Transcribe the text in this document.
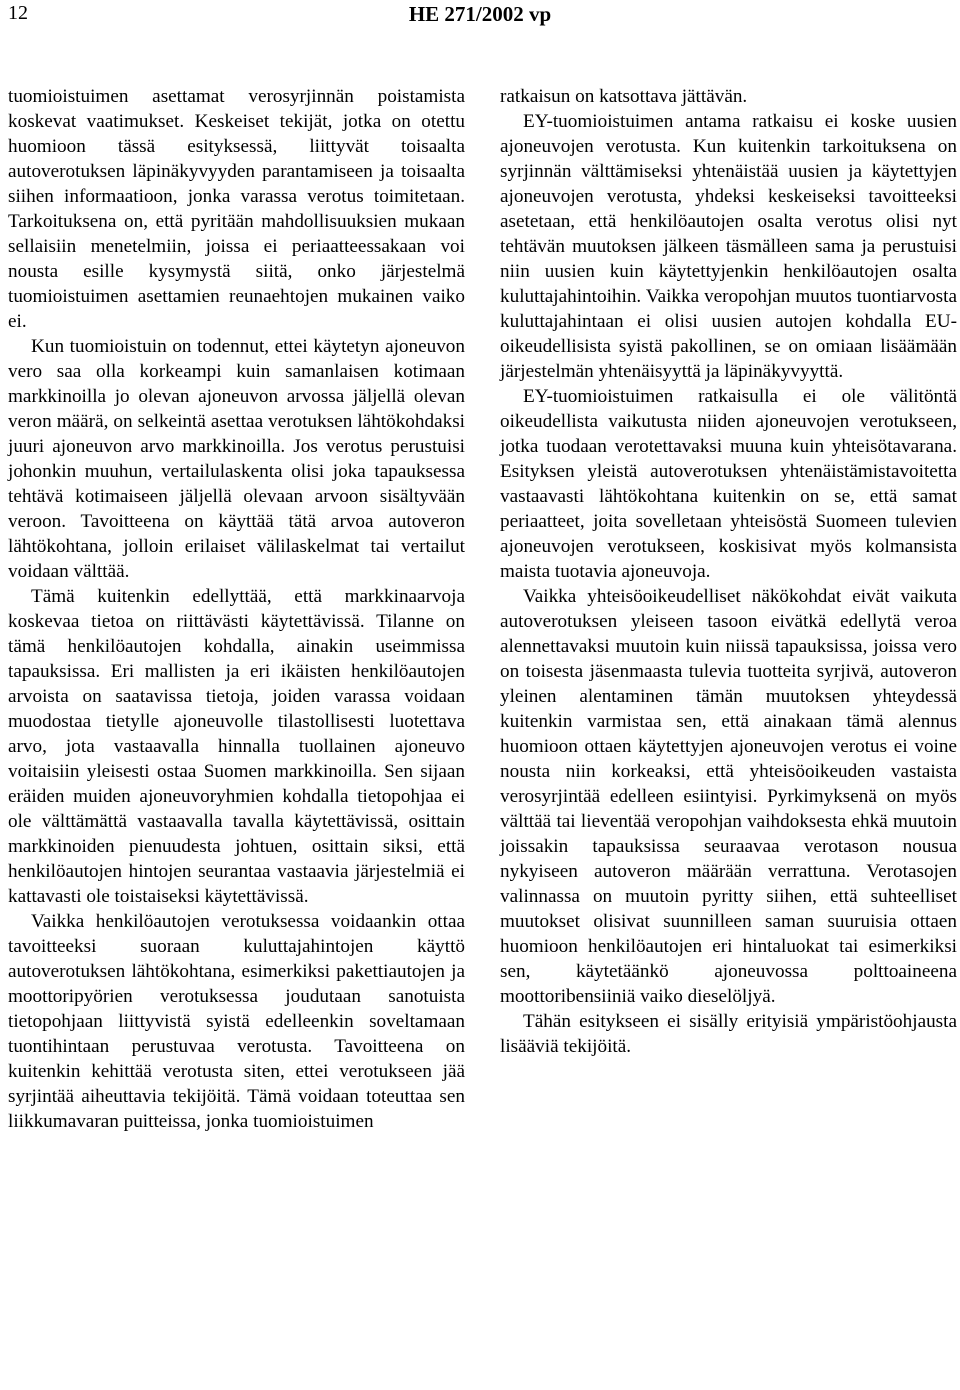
12	HE 271/2002 vp

tuomioistuimen asettamat verosyrjinnän poistamista koskevat vaatimukset. Keskeiset tekijät, jotka on otettu huomioon tässä esityksessä, liittyvät toisaalta autoverotuksen läpinäkyvyyden parantamiseen ja toisaalta siihen informaatioon, jonka varassa verotus toimitetaan. Tarkoituksena on, että pyritään mahdollisuuksien mukaan sellaisiin menetelmiin, joissa ei periaatteessakaan voi nousta esille kysymystä siitä, onko järjestelmä tuomioistuimen asettamien reunaehtojen mukainen vaiko ei.

Kun tuomioistuin on todennut, ettei käytetyn ajoneuvon vero saa olla korkeampi kuin samanlaisen kotimaan markkinoilla jo olevan ajoneuvon arvossa jäljellä olevan veron määrä, on selkeintä asettaa verotuksen lähtökohdaksi juuri ajoneuvon arvo markkinoilla. Jos verotus perustuisi johonkin muuhun, vertailulaskenta olisi joka tapauksessa tehtävä kotimaiseen jäljellä olevaan arvoon sisältyvään veroon. Tavoitteena on käyttää tätä arvoa autoveron lähtökohtana, jolloin erilaiset välilaskelmat tai vertailut voidaan välttää.

Tämä kuitenkin edellyttää, että markkinaarvoja koskevaa tietoa on riittävästi käytettävissä. Tilanne on tämä henkilöautojen kohdalla, ainakin useimmissa tapauksissa. Eri mallisten ja eri ikäisten henkilöautojen arvoista on saatavissa tietoja, joiden varassa voidaan muodostaa tietylle ajoneuvolle tilastollisesti luotettava arvo, jota vastaavalla hinnalla tuollainen ajoneuvo voitaisiin yleisesti ostaa Suomen markkinoilla. Sen sijaan eräiden muiden ajoneuvoryhmien kohdalla tietopohjaa ei ole välttämättä vastaavalla tavalla käytettävissä, osittain markkinoiden pienuudesta johtuen, osittain siksi, että henkilöautojen hintojen seurantaa vastaavia järjestelmiä ei kattavasti ole toistaiseksi käytettävissä.

Vaikka henkilöautojen verotuksessa voidaankin ottaa tavoitteeksi suoraan kuluttajahintojen käyttö autoverotuksen lähtökohtana, esimerkiksi pakettiautojen ja moottoripyörien verotuksessa joudutaan sanotuista tietopohjaan liittyvistä syistä edelleenkin soveltamaan tuontihintaan perustuvaa verotusta. Tavoitteena on kuitenkin kehittää verotusta siten, ettei verotukseen jää syrjintää aiheuttavia tekijöitä. Tämä voidaan toteuttaa sen liikkumavaran puitteissa, jonka tuomioistuimen

ratkaisun on katsottava jättävän.

EY-tuomioistuimen antama ratkaisu ei koske uusien ajoneuvojen verotusta. Kun kuitenkin tarkoituksena on syrjinnän välttämiseksi yhtenäistää uusien ja käytettyjen ajoneuvojen verotusta, yhdeksi keskeiseksi tavoitteeksi asetetaan, että henkilöautojen osalta verotus olisi nyt tehtävän muutoksen jälkeen täsmälleen sama ja perustuisi niin uusien kuin käytettyjenkin henkilöautojen osalta kuluttajahintoihin. Vaikka veropohjan muutos tuontiarvosta kuluttajahintaan ei olisi uusien autojen kohdalla EU-oikeudellisista syistä pakollinen, se on omiaan lisäämään järjestelmän yhtenäisyyttä ja läpinäkyvyyttä.

EY-tuomioistuimen ratkaisulla ei ole välitöntä oikeudellista vaikutusta niiden ajoneuvojen verotukseen, jotka tuodaan verotettavaksi muuna kuin yhteisötavarana. Esityksen yleistä autoverotuksen yhtenäistämistavoitetta vastaavasti lähtökohtana kuitenkin on se, että samat periaatteet, joita sovelletaan yhteisöstä Suomeen tulevien ajoneuvojen verotukseen, koskisivat myös kolmansista maista tuotavia ajoneuvoja.

Vaikka yhteisöoikeudelliset näkökohdat eivät vaikuta autoverotuksen yleiseen tasoon eivätkä edellytä veroa alennettavaksi muutoin kuin niissä tapauksissa, joissa vero on toisesta jäsenmaasta tulevia tuotteita syrjivä, autoveron yleinen alentaminen tämän muutoksen yhteydessä kuitenkin varmistaa sen, että ainakaan tämä alennus huomioon ottaen käytettyjen ajoneuvojen verotus ei voine nousta niin korkeaksi, että yhteisöoikeuden vastaista verosyrjintää edelleen esiintyisi. Pyrkimyksenä on myös välttää tai lieventää veropohjan vaihdoksesta ehkä muutoin joissakin tapauksissa seuraavaa verotason nousua nykyiseen autoveron määrään verrattuna. Verotasojen valinnassa on muutoin pyritty siihen, että suhteelliset muutokset olisivat suunnilleen saman suuruisia ottaen huomioon henkilöautojen eri hintaluokat tai esimerkiksi sen, käytetäänkö ajoneuvossa polttoaineena moottoribensiiniä vaiko dieselöljyä.

Tähän esitykseen ei sisälly erityisiä ympäristöohjausta lisääviä tekijöitä.
